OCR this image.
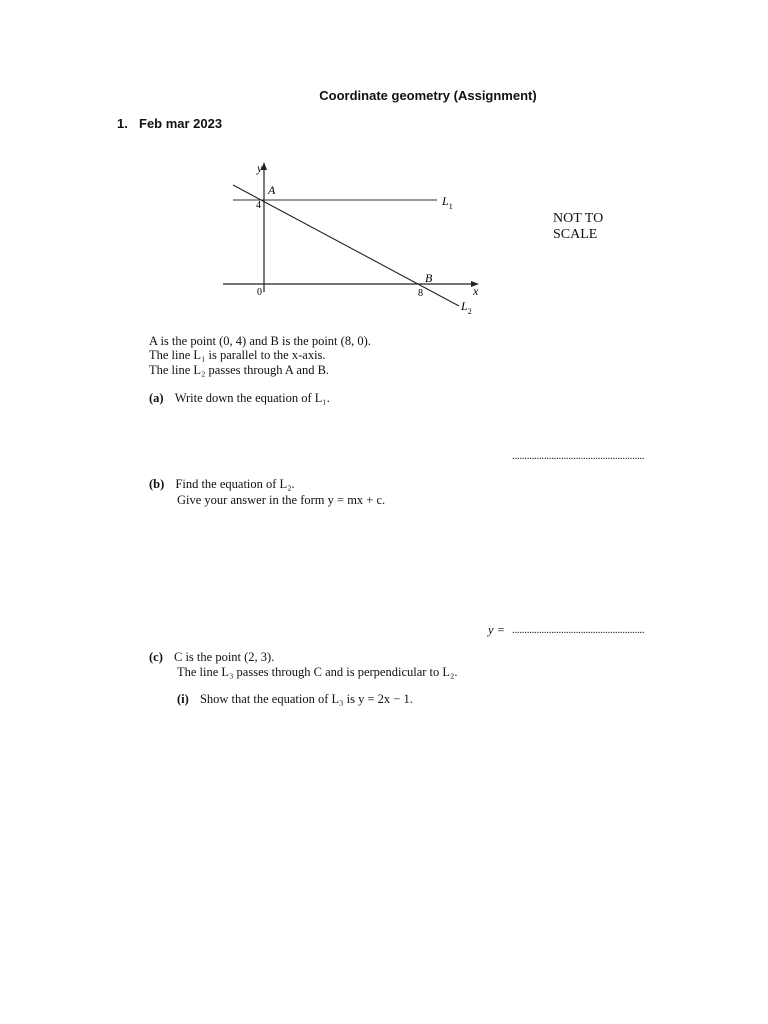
Coordinate geometry (Assignment)
1. Feb mar 2023
y
x
$L_1$
$L_2$
A
4
B
8
0
NOT TO
SCALE
A is the point (0, 4) and B is the point (8, 0).
The line L₁ is parallel to the x-axis.
The line L₂ passes through A and B.
(a) Write down the equation of L₁.
......................................................
(b) Find the equation of L₂.
Give your answer in the form y = mx + c.
y = ......................................................
(c) C is the point (2, 3).
The line L₃ passes through C and is perpendicular to L₂.
(i) Show that the equation of L₃ is y = 2x − 1.
